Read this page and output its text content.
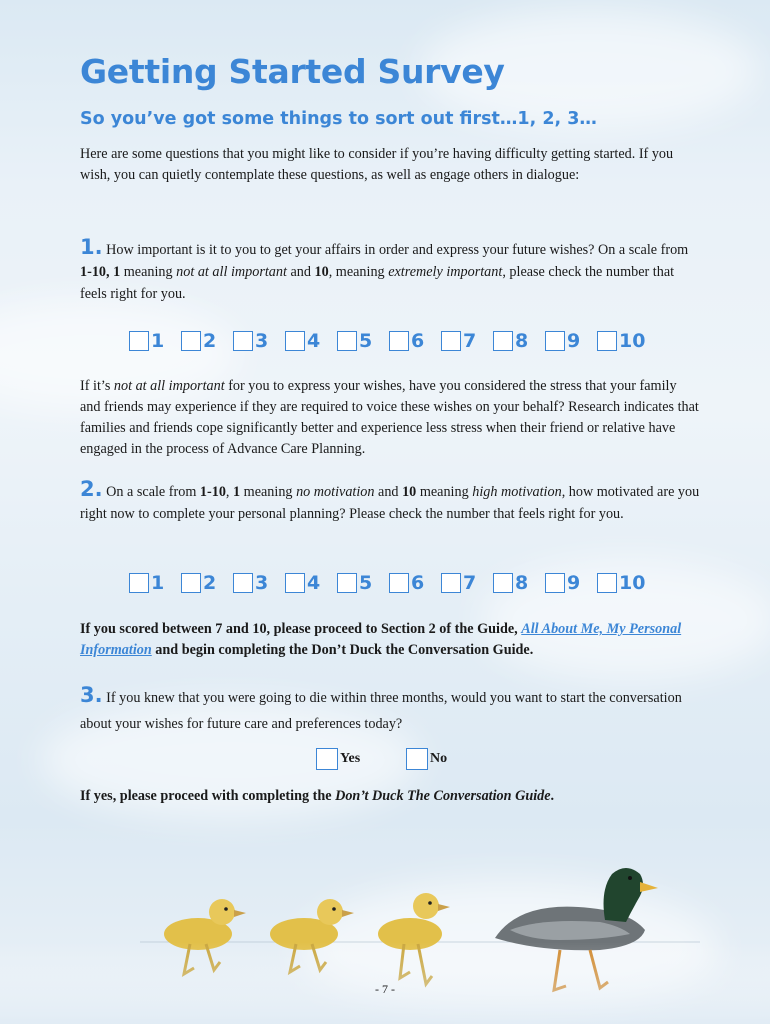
Getting Started Survey
So you’ve got some things to sort out first…1, 2, 3…

Here are some questions that you might like to consider if you’re having difficulty getting started. If you wish, you can quietly contemplate these questions, as well as engage others in dialogue:

1. How important is it to you to get your affairs in order and express your future wishes? On a scale from 1-10, 1 meaning not at all important and 10, meaning extremely important, please check the number that feels right for you.

1 2 3 4 5 6 7 8 9 10

If it’s not at all important for you to express your wishes, have you considered the stress that your family and friends may experience if they are required to voice these wishes on your behalf? Research indicates that families and friends cope significantly better and experience less stress when their friend or relative have engaged in the process of Advance Care Planning.

2. On a scale from 1-10, 1 meaning no motivation and 10 meaning high motivation, how motivated are you right now to complete your personal planning? Please check the number that feels right for you.

1 2 3 4 5 6 7 8 9 10

If you scored between 7 and 10, please proceed to Section 2 of the Guide, All About Me, My Personal Information and begin completing the Don’t Duck the Conversation Guide.

3. If you knew that you were going to die within three months, would you want to start the conversation about your wishes for future care and preferences today?

Yes	No

If yes, please proceed with completing the Don’t Duck The Conversation Guide.

- 7 -
